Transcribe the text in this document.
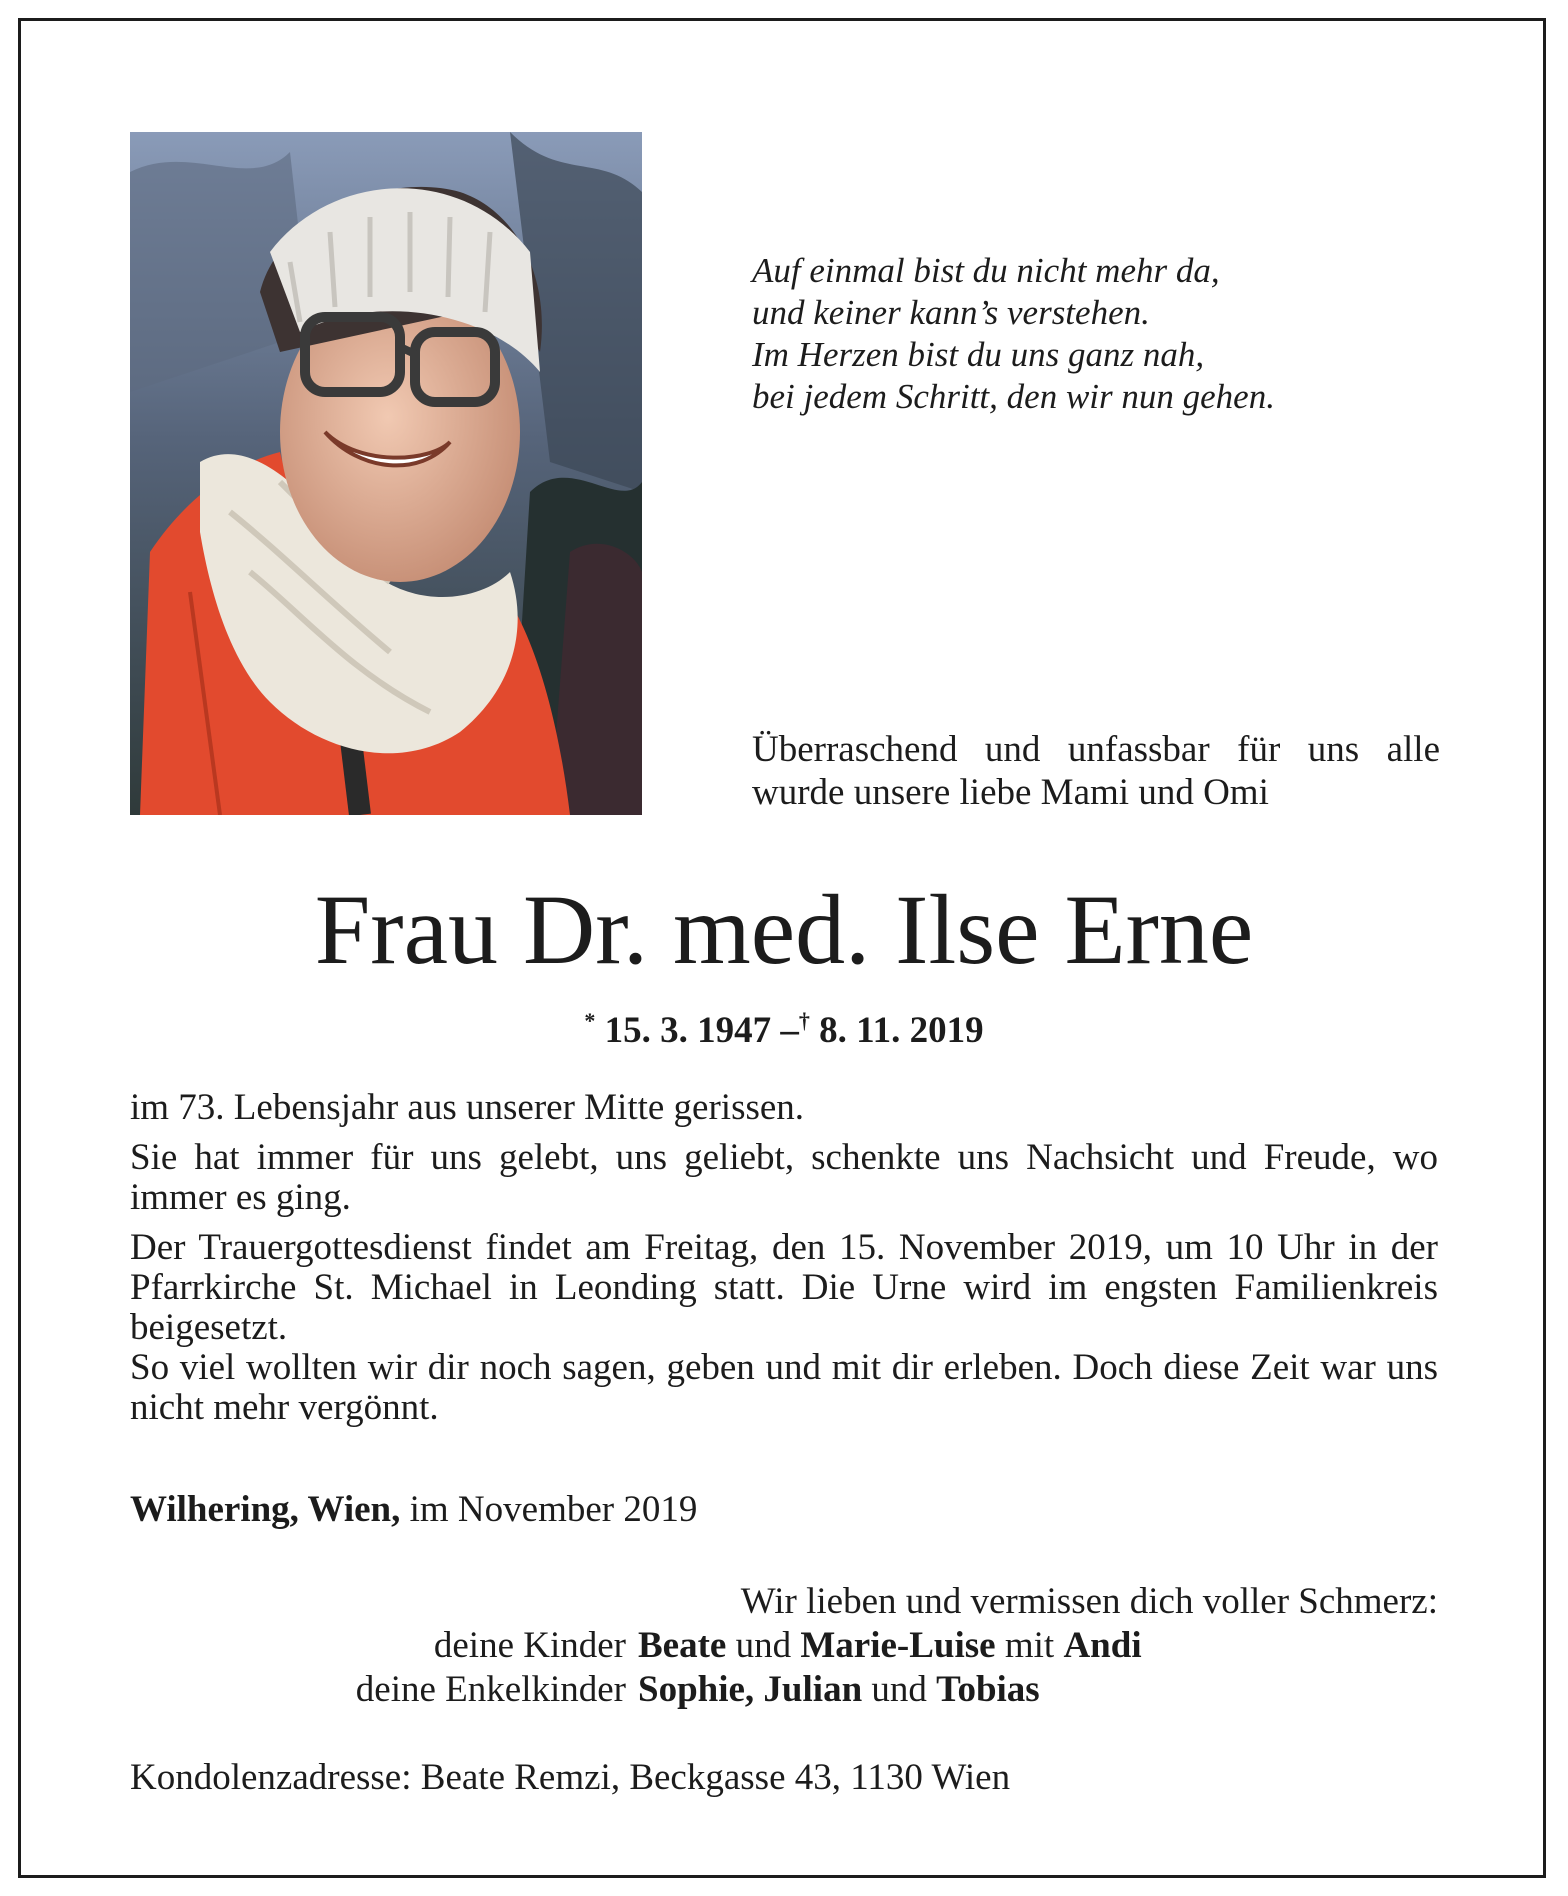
Auf einmal bist du nicht mehr da,
und keiner kann’s verstehen.
Im Herzen bist du uns ganz nah,
bei jedem Schritt, den wir nun gehen.
Überraschend und unfassbar für uns alle wurde unsere liebe Mami und Omi
Frau Dr. med. Ilse Erne
* 15. 3. 1947 –† 8. 11. 2019

im 73. Lebensjahr aus unserer Mitte gerissen.

Sie hat immer für uns gelebt, uns geliebt, schenkte uns Nachsicht und Freude, wo immer es ging.

Der Trauergottesdienst findet am Freitag, den 15. November 2019, um 10 Uhr in der Pfarrkirche St. Michael in Leonding statt. Die Urne wird im engsten Familienkreis beigesetzt.

So viel wollten wir dir noch sagen, geben und mit dir erleben. Doch diese Zeit war uns nicht mehr vergönnt.

Wilhering, Wien, im November 2019
Wir lieben und vermissen dich voller Schmerz:
deine Kinder Beate und Marie-Luise mit Andi
deine Enkelkinder Sophie, Julian und Tobias
Kondolenzadresse: Beate Remzi, Beckgasse 43, 1130 Wien
